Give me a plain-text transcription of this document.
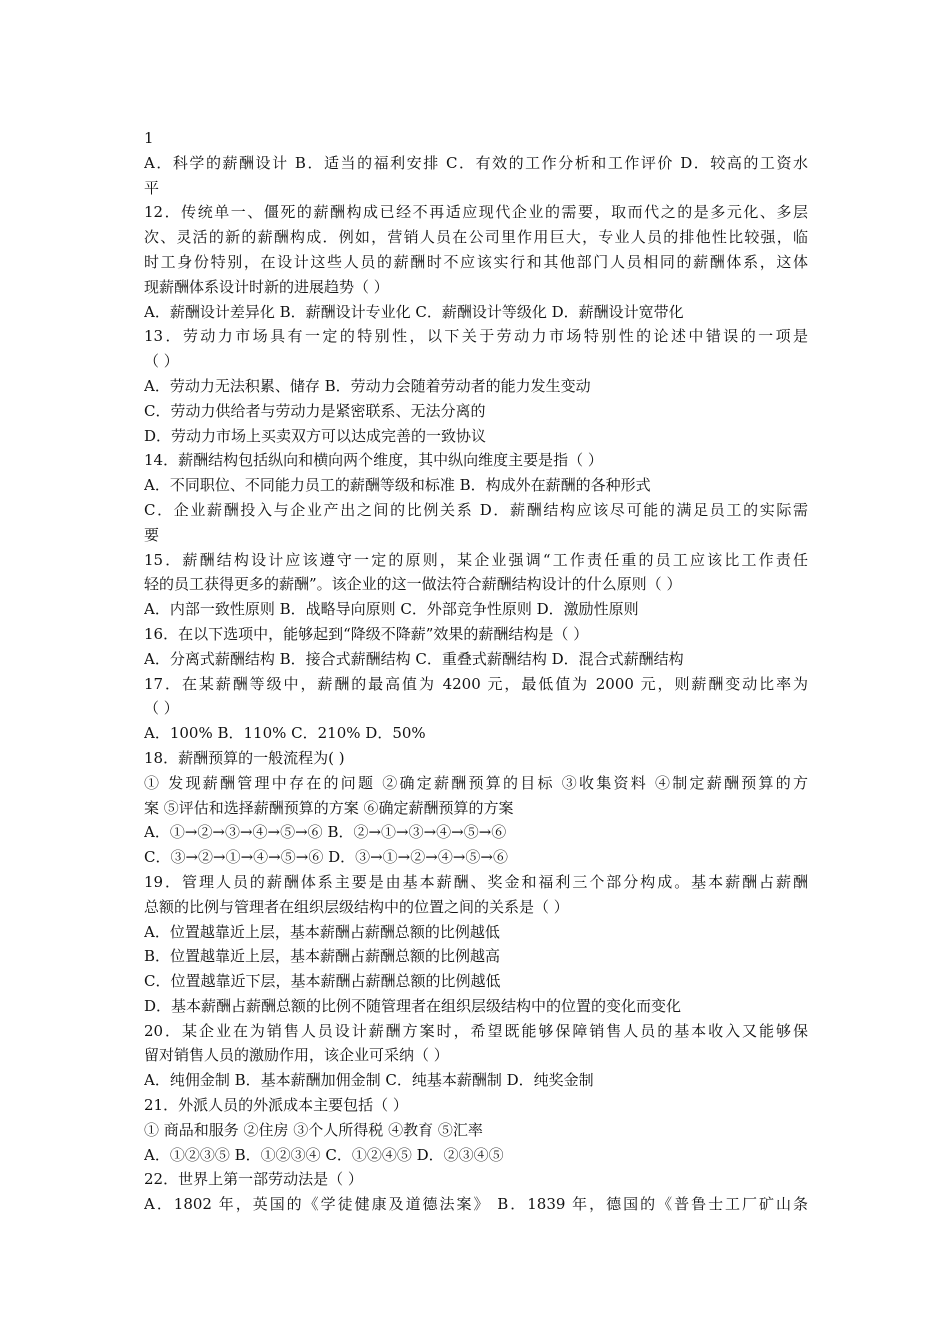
1
A．科学的薪酬设计 B．适当的福利安排 C．有效的工作分析和工作评价 D．较高的工资水
平
12．传统单一、僵死的薪酬构成已经不再适应现代企业的需要，取而代之的是多元化、多层
次、灵活的新的薪酬构成．例如，营销人员在公司里作用巨大，专业人员的排他性比较强，临
时工身份特别，在设计这些人员的薪酬时不应该实行和其他部门人员相同的薪酬体系，这体
现薪酬体系设计时新的进展趋势（ ）
A．薪酬设计差异化 B．薪酬设计专业化 C．薪酬设计等级化 D．薪酬设计宽带化
13．劳动力市场具有一定的特别性，以下关于劳动力市场特别性的论述中错误的一项是
（ ）
A．劳动力无法积累、储存 B．劳动力会随着劳动者的能力发生变动
C．劳动力供给者与劳动力是紧密联系、无法分离的
D．劳动力市场上买卖双方可以达成完善的一致协议
14．薪酬结构包括纵向和横向两个维度，其中纵向维度主要是指（ ）
A．不同职位、不同能力员工的薪酬等级和标准 B．构成外在薪酬的各种形式
C．企业薪酬投入与企业产出之间的比例关系 D．薪酬结构应该尽可能的满足员工的实际需
要
15．薪酬结构设计应该遵守一定的原则，某企业强调“工作责任重的员工应该比工作责任
轻的员工获得更多的薪酬”。该企业的这一做法符合薪酬结构设计的什么原则（ ）
A．内部一致性原则 B．战略导向原则 C．外部竞争性原则 D．激励性原则
16．在以下选项中，能够起到“降级不降薪”效果的薪酬结构是（ ）
A．分离式薪酬结构 B．接合式薪酬结构 C．重叠式薪酬结构 D．混合式薪酬结构
17．在某薪酬等级中，薪酬的最高值为 4200 元，最低值为 2000 元，则薪酬变动比率为
（ ）
A．100% B．110% C．210% D．50%
18．薪酬预算的一般流程为( )
① 发现薪酬管理中存在的问题 ②确定薪酬预算的目标 ③收集资料 ④制定薪酬预算的方
案 ⑤评估和选择薪酬预算的方案 ⑥确定薪酬预算的方案
A．①→②→③→④→⑤→⑥ B．②→①→③→④→⑤→⑥
C．③→②→①→④→⑤→⑥ D．③→①→②→④→⑤→⑥
19．管理人员的薪酬体系主要是由基本薪酬、奖金和福利三个部分构成。基本薪酬占薪酬
总额的比例与管理者在组织层级结构中的位置之间的关系是（ ）
A．位置越靠近上层，基本薪酬占薪酬总额的比例越低
B．位置越靠近上层，基本薪酬占薪酬总额的比例越高
C．位置越靠近下层，基本薪酬占薪酬总额的比例越低
D．基本薪酬占薪酬总额的比例不随管理者在组织层级结构中的位置的变化而变化
20．某企业在为销售人员设计薪酬方案时，希望既能够保障销售人员的基本收入又能够保
留对销售人员的激励作用，该企业可采纳（ ）
A．纯佣金制 B．基本薪酬加佣金制 C．纯基本薪酬制 D．纯奖金制
21．外派人员的外派成本主要包括（ ）
① 商品和服务 ②住房 ③个人所得税 ④教育 ⑤汇率
A．①②③⑤ B．①②③④ C．①②④⑤ D．②③④⑤
22．世界上第一部劳动法是（ ）
A．1802 年，英国的《学徒健康及道德法案》 B．1839 年，德国的《普鲁士工厂矿山条
